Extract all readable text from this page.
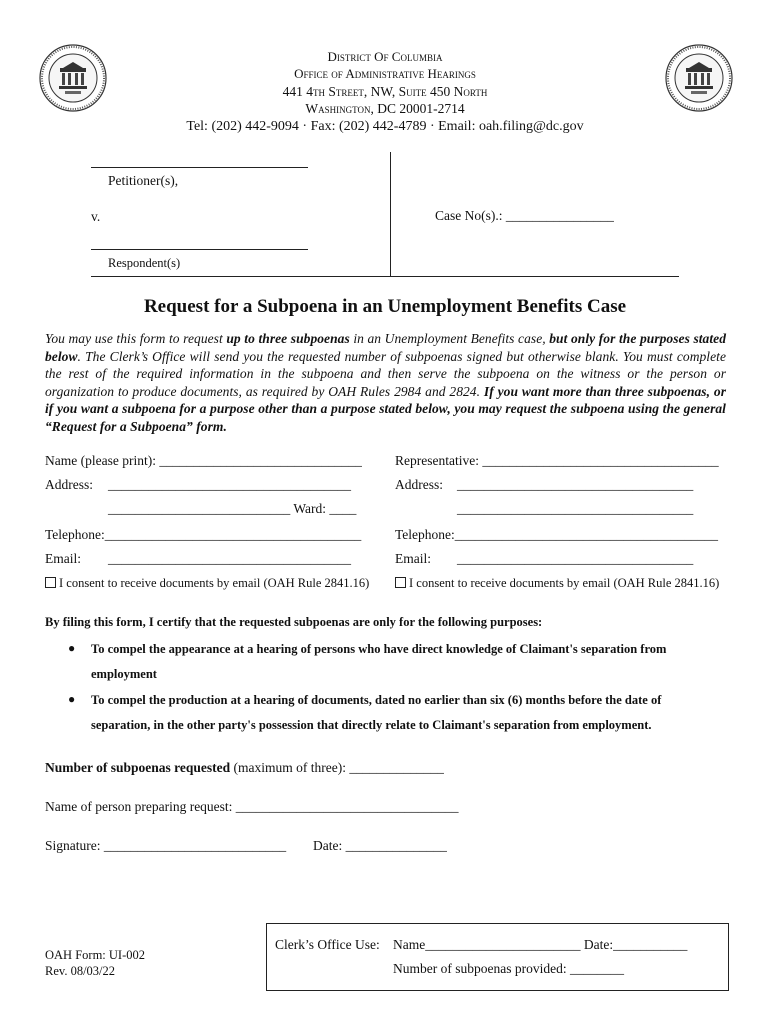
District Of Columbia
Office of Administrative Hearings
441 4th Street, NW, Suite 450 North
Washington, DC 20001-2714
Tel: (202) 442-9094 · Fax: (202) 442-4789 · Email: oah.filing@dc.gov
Petitioner(s),
v.
Respondent(s)
Case No(s).: ________________
Request for a Subpoena in an Unemployment Benefits Case
You may use this form to request up to three subpoenas in an Unemployment Benefits case, but only for the purposes stated below. The Clerk’s Office will send you the requested number of subpoenas signed but otherwise blank. You must complete the rest of the required information in the subpoena and then serve the subpoena on the witness or the person or organization to produce documents, as required by OAH Rules 2984 and 2824. If you want more than three subpoenas, or if you want a subpoena for a purpose other than a purpose stated below, you may request the subpoena using the general “Request for a Subpoena” form.
Name (please print): ______________________________
Address: ____________________________________
___________________________ Ward: ____
Telephone:______________________________________
Email: ____________________________________
I consent to receive documents by email (OAH Rule 2841.16)
Representative: ___________________________________
Address: ___________________________________
___________________________________
Telephone:_______________________________________
Email: ___________________________________
I consent to receive documents by email (OAH Rule 2841.16)
By filing this form, I certify that the requested subpoenas are only for the following purposes:
● To compel the appearance at a hearing of persons who have direct knowledge of Claimant's separation from
employment
● To compel the production at a hearing of documents, dated no earlier than six (6) months before the date of
separation, in the other party's possession that directly relate to Claimant's separation from employment.
Number of subpoenas requested (maximum of three): ______________
Name of person preparing request: _________________________________
Signature: ___________________________ Date: _______________
OAH Form: UI-002
Rev. 08/03/22
Clerk’s Office Use: Name_______________________ Date:___________
Number of subpoenas provided: ________
